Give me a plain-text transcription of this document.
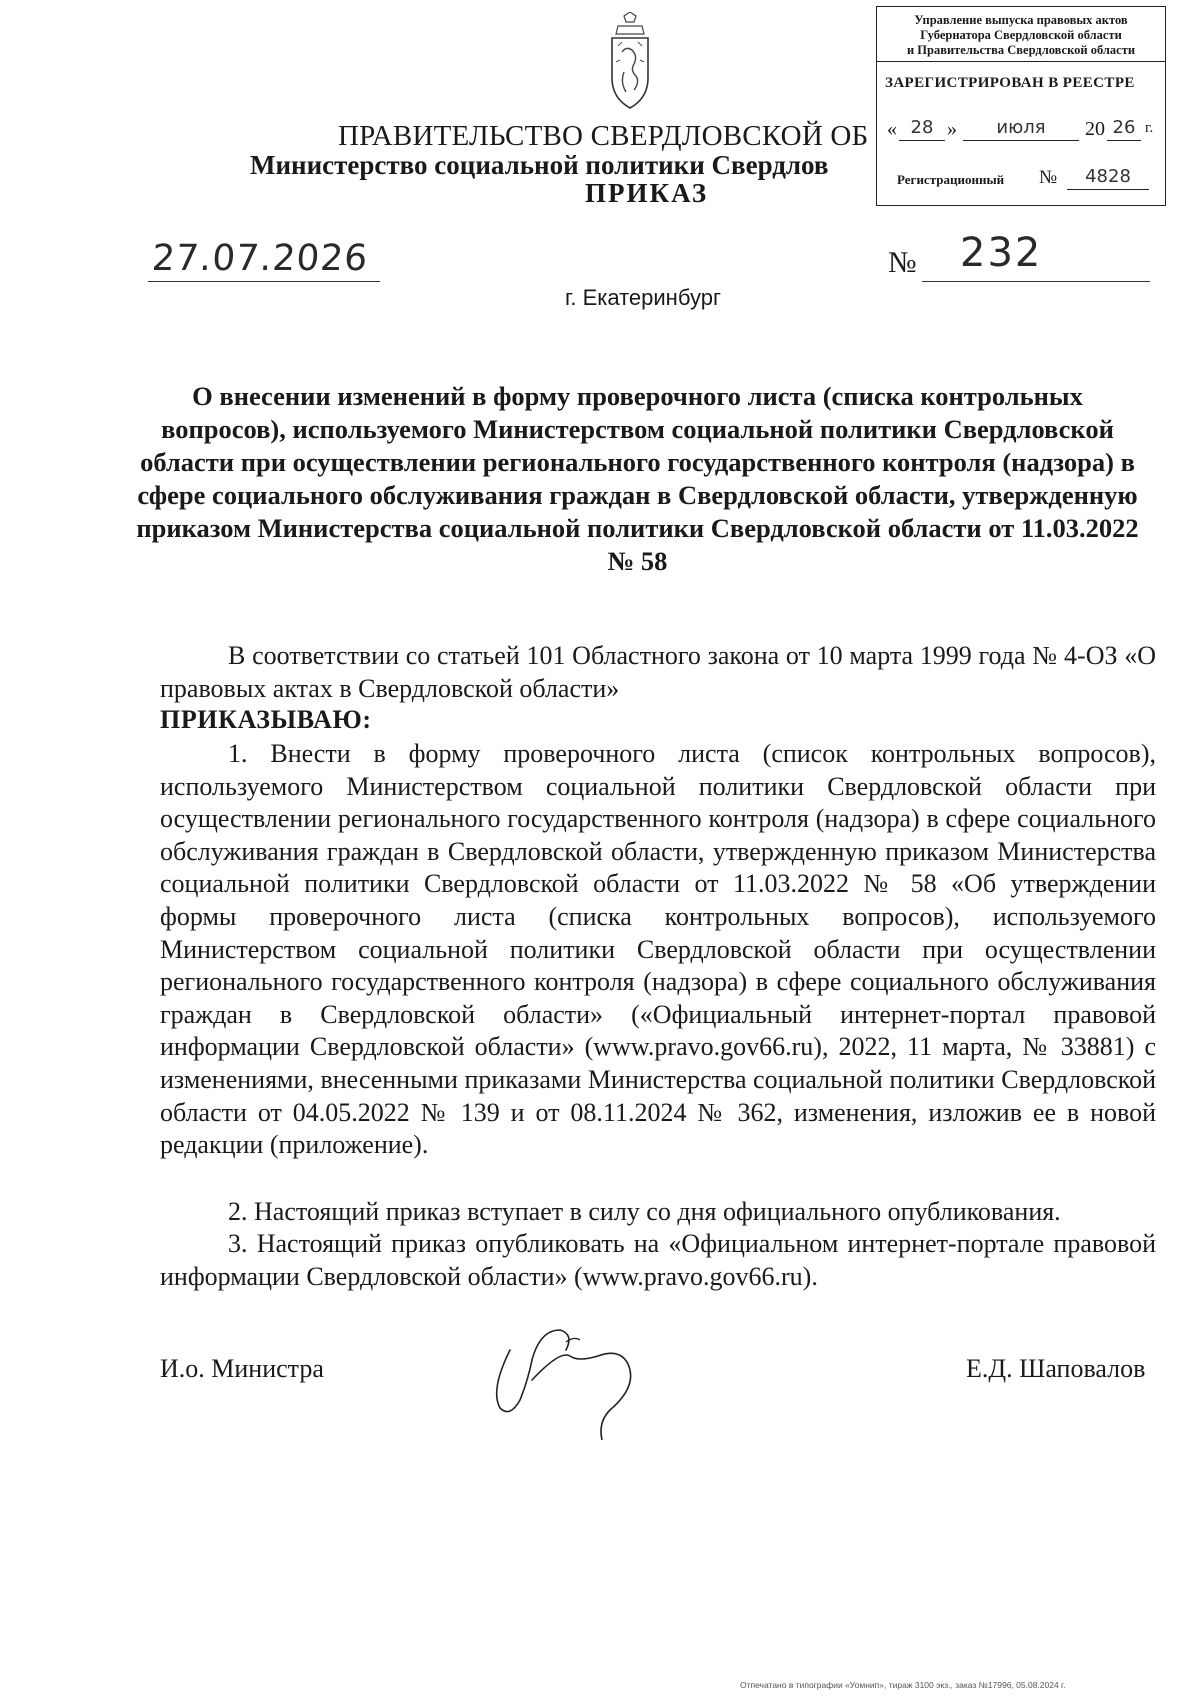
ПРАВИТЕЛЬСТВО СВЕРДЛОВСКОЙ ОБ
Министерство социальной политики Свердлов
ПРИКАЗ
Управление выпуска правовых актов
Губернатора Свердловской области
и Правительства Свердловской области
ЗАРЕГИСТРИРОВАН В РЕЕСТРЕ
« 28 »	июля	20 26 г.
Регистрационный №	4828
27.07.2026	№ 232
г. Екатеринбург
О внесении изменений в форму проверочного листа (списка контрольных вопросов), используемого Министерством социальной политики Свердловской области при осуществлении регионального государственного контроля (надзора) в сфере социального обслуживания граждан в Свердловской области, утвержденную приказом Министерства социальной политики Свердловской области от 11.03.2022 № 58
В соответствии со статьей 101 Областного закона от 10 марта 1999 года № 4-ОЗ «О правовых актах в Свердловской области»
ПРИКАЗЫВАЮ:
1. Внести в форму проверочного листа (список контрольных вопросов), используемого Министерством социальной политики Свердловской области при осуществлении регионального государственного контроля (надзора) в сфере социального обслуживания граждан в Свердловской области, утвержденную приказом Министерства социальной политики Свердловской области от 11.03.2022 № 58 «Об утверждении формы проверочного листа (списка контрольных вопросов), используемого Министерством социальной политики Свердловской области при осуществлении регионального государственного контроля (надзора) в сфере социального обслуживания граждан в Свердловской области» («Официальный интернет-портал правовой информации Свердловской области» (www.pravo.gov66.ru), 2022, 11 марта, № 33881) с изменениями, внесенными приказами Министерства социальной политики Свердловской области от 04.05.2022 № 139 и от 08.11.2024 № 362, изменения, изложив ее в новой редакции (приложение).
2. Настоящий приказ вступает в силу со дня официального опубликования.
3. Настоящий приказ опубликовать на «Официальном интернет-портале правовой информации Свердловской области» (www.pravo.gov66.ru).
И.о. Министра	Е.Д. Шаповалов
Отпечатано в типографии «Уомнип», тираж 3100 экз., заказ №17996, 05.08.2024 г.
